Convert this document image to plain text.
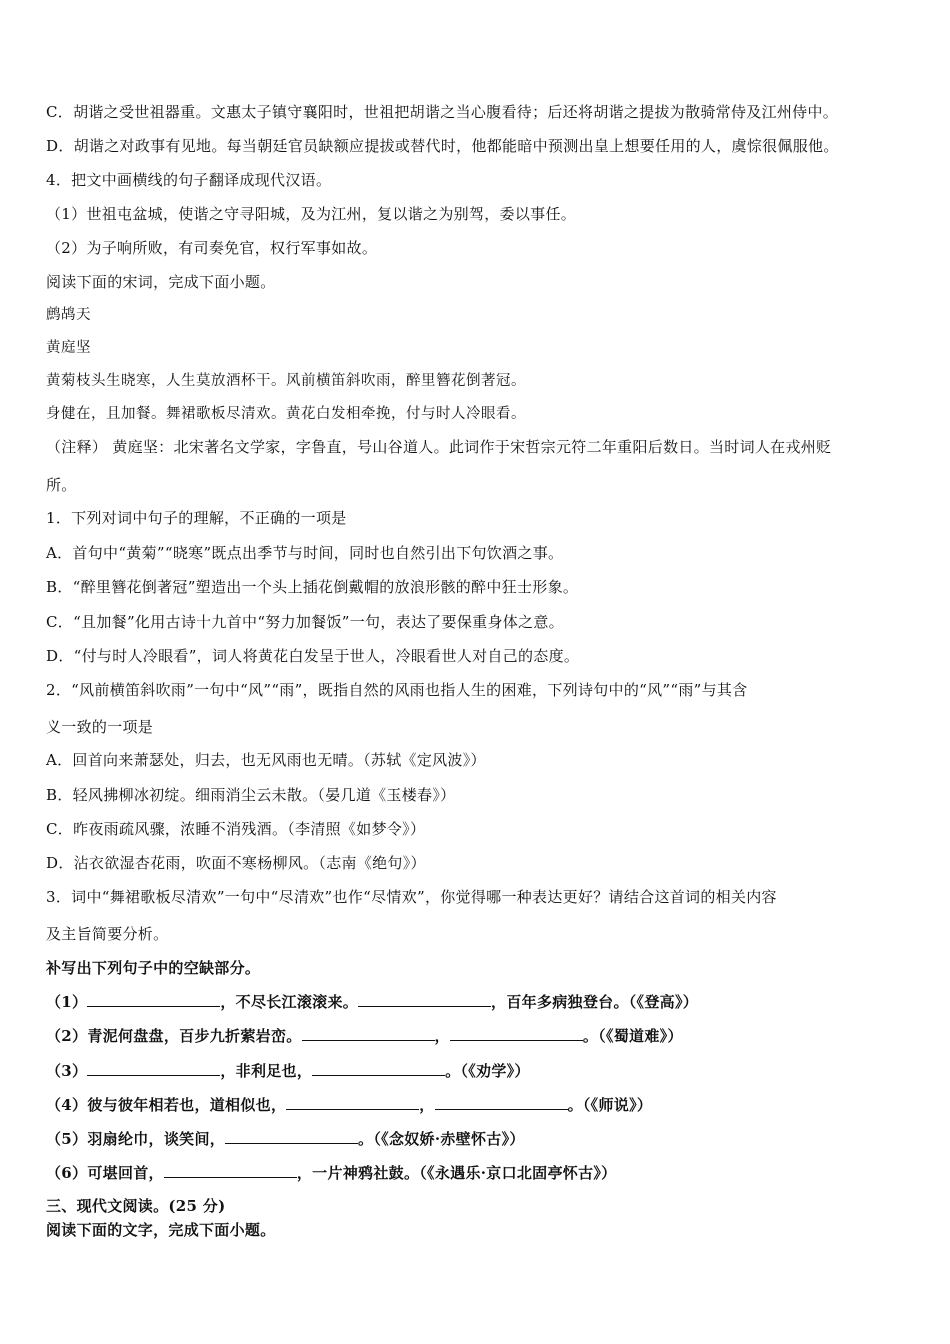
C．胡谐之受世祖器重。文惠太子镇守襄阳时，世祖把胡谐之当心腹看待；后还将胡谐之提拔为散骑常侍及江州侍中。
D．胡谐之对政事有见地。每当朝廷官员缺额应提拔或替代时，他都能暗中预测出皇上想要任用的人，虞悰很佩服他。
4．把文中画横线的句子翻译成现代汉语。
（1）世祖屯盆城，使谐之守寻阳城，及为江州，复以谐之为别驾，委以事任。
（2）为子响所败，有司奏免官，权行军事如故。
阅读下面的宋词，完成下面小题。
鹧鸪天
黄庭坚
黄菊枝头生晓寒，人生莫放酒杯干。风前横笛斜吹雨，醉里簪花倒著冠。
身健在，且加餐。舞裙歌板尽清欢。黄花白发相牵挽，付与时人冷眼看。
（注释） 黄庭坚：北宋著名文学家，字鲁直，号山谷道人。此词作于宋哲宗元符二年重阳后数日。当时词人在戎州贬
所。
1．下列对词中句子的理解，不正确的一项是
A．首句中“黄菊”“晓寒”既点出季节与时间，同时也自然引出下句饮酒之事。
B．“醉里簪花倒著冠”塑造出一个头上插花倒戴帽的放浪形骸的醉中狂士形象。
C．“且加餐”化用古诗十九首中“努力加餐饭”一句，表达了要保重身体之意。
D．“付与时人冷眼看”，词人将黄花白发呈于世人，冷眼看世人对自己的态度。
2．“风前横笛斜吹雨”一句中“风”“雨”，既指自然的风雨也指人生的困难，下列诗句中的“风”“雨”与其含
义一致的一项是
A．回首向来萧瑟处，归去，也无风雨也无晴。（苏轼《定风波》）
B．轻风拂柳冰初绽。细雨消尘云未散。（晏几道《玉楼春》）
C．昨夜雨疏风骤，浓睡不消残酒。（李清照《如梦令》）
D．沾衣欲湿杏花雨，吹面不寒杨柳风。（志南《绝句》）
3．词中“舞裙歌板尽清欢”一句中“尽清欢”也作“尽情欢”，你觉得哪一种表达更好？请结合这首词的相关内容
及主旨简要分析。
补写出下列句子中的空缺部分。
（1）	，不尽长江滚滚来。	，百年多病独登台。（《登高》）
（2）青泥何盘盘，百步九折萦岩峦。	，	。（《蜀道难》）
（3）	，非利足也，	。（《劝学》）
（4）彼与彼年相若也，道相似也，	，	。（《师说》）
（5）羽扇纶巾，谈笑间，	。（《念奴娇·赤壁怀古》）
（6）可堪回首，	，一片神鸦社鼓。（《永遇乐·京口北固亭怀古》）
三、现代文阅读。(25 分)
阅读下面的文字，完成下面小题。
